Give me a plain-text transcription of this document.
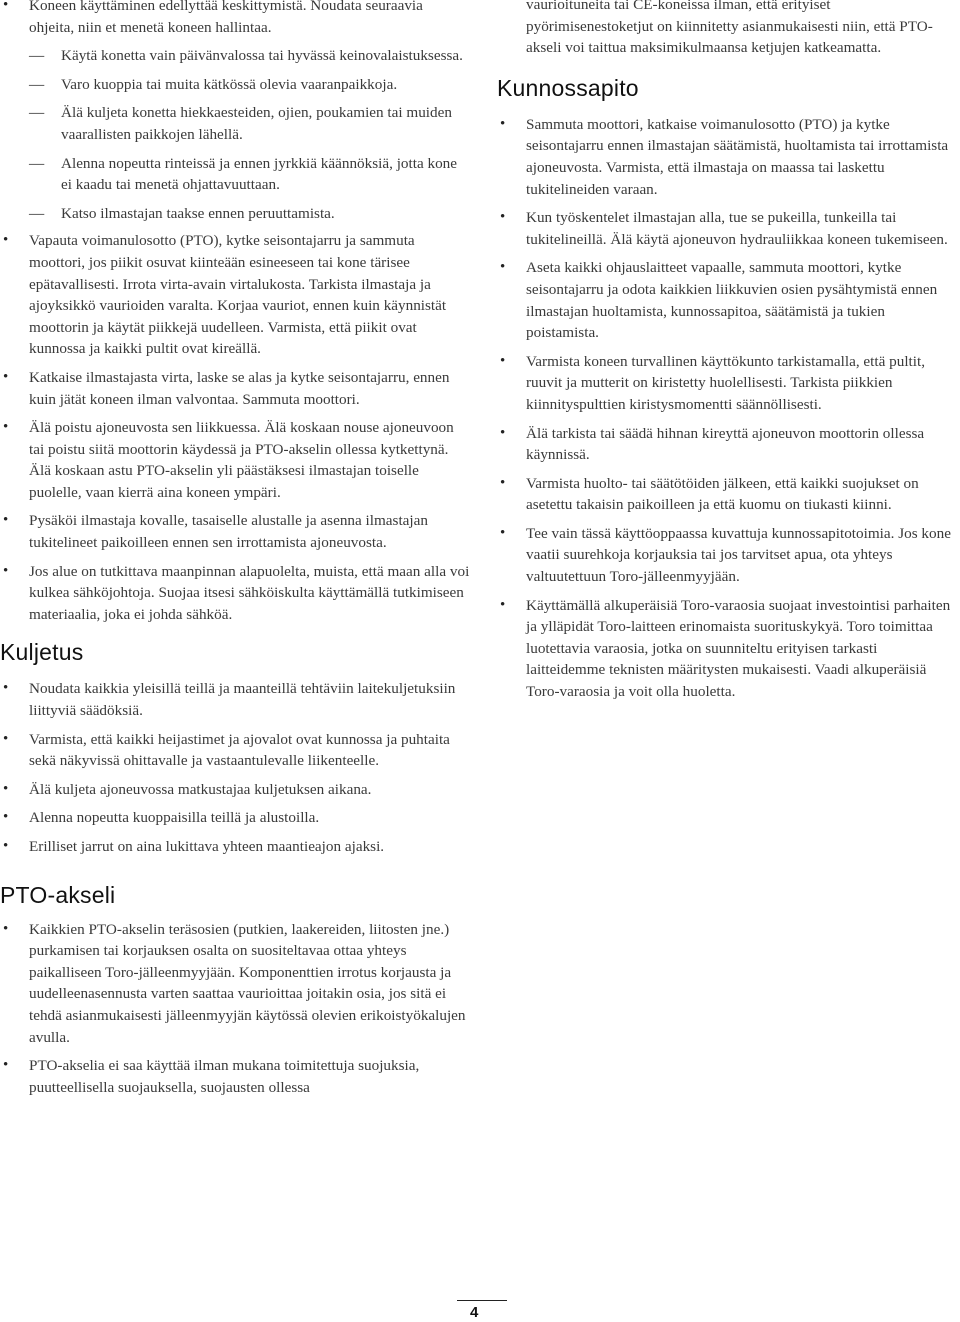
• Koneen käyttäminen edellyttää keskittymistä. Noudata seuraavia ohjeita, niin et menetä koneen hallintaa.
— Käytä konetta vain päivänvalossa tai hyvässä keinovalaistuksessa.
— Varo kuoppia tai muita kätkössä olevia vaaranpaikkoja.
— Älä kuljeta konetta hiekkaesteiden, ojien, poukamien tai muiden vaarallisten paikkojen lähellä.
— Alenna nopeutta rinteissä ja ennen jyrkkiä käännöksiä, jotta kone ei kaadu tai menetä ohjattavuuttaan.
— Katso ilmastajan taakse ennen peruuttamista.
• Vapauta voimanulosotto (PTO), kytke seisontajarru ja sammuta moottori, jos piikit osuvat kiinteään esineeseen tai kone tärisee epätavallisesti. Irrota virta-avain virtalukosta. Tarkista ilmastaja ja ajoyksikkö vaurioiden varalta. Korjaa vauriot, ennen kuin käynnistät moottorin ja käytät piikkejä uudelleen. Varmista, että piikit ovat kunnossa ja kaikki pultit ovat kireällä.
• Katkaise ilmastajasta virta, laske se alas ja kytke seisontajarru, ennen kuin jätät koneen ilman valvontaa. Sammuta moottori.
• Älä poistu ajoneuvosta sen liikkuessa. Älä koskaan nouse ajoneuvoon tai poistu siitä moottorin käydessä ja PTO-akselin ollessa kytkettynä. Älä koskaan astu PTO-akselin yli päästäksesi ilmastajan toiselle puolelle, vaan kierrä aina koneen ympäri.
• Pysäköi ilmastaja kovalle, tasaiselle alustalle ja asenna ilmastajan tukitelineet paikoilleen ennen sen irrottamista ajoneuvosta.
• Jos alue on tutkittava maanpinnan alapuolelta, muista, että maan alla voi kulkea sähköjohtoja. Suojaa itsesi sähköiskulta käyttämällä tutkimiseen materiaalia, joka ei johda sähköä.
Kuljetus
• Noudata kaikkia yleisillä teillä ja maanteillä tehtäviin laitekuljetuksiin liittyviä säädöksiä.
• Varmista, että kaikki heijastimet ja ajovalot ovat kunnossa ja puhtaita sekä näkyvissä ohittavalle ja vastaantulevalle liikenteelle.
• Älä kuljeta ajoneuvossa matkustajaa kuljetuksen aikana.
• Alenna nopeutta kuoppaisilla teillä ja alustoilla.
• Erilliset jarrut on aina lukittava yhteen maantieajon ajaksi.
PTO-akseli
• Kaikkien PTO-akselin teräsosien (putkien, laakereiden, liitosten jne.) purkamisen tai korjauksen osalta on suositeltavaa ottaa yhteys paikalliseen Toro-jälleenmyyjään. Komponenttien irrotus korjausta ja uudelleenasennusta varten saattaa vaurioittaa joitakin osia, jos sitä ei tehdä asianmukaisesti jälleenmyyjän käytössä olevien erikoistyökalujen avulla.
• PTO-akselia ei saa käyttää ilman mukana toimitettuja suojuksia, puutteellisella suojauksella, suojausten ollessa

vaurioituneita tai CE-koneissa ilman, että erityiset pyörimisenestoketjut on kiinnitetty asianmukaisesti niin, että PTO-akseli voi taittua maksimikulmaansa ketjujen katkeamatta.

Kunnossapito
• Sammuta moottori, katkaise voimanulosotto (PTO) ja kytke seisontajarru ennen ilmastajan säätämistä, huoltamista tai irrottamista ajoneuvosta. Varmista, että ilmastaja on maassa tai laskettu tukitelineiden varaan.
• Kun työskentelet ilmastajan alla, tue se pukeilla, tunkeilla tai tukitelineillä. Älä käytä ajoneuvon hydrauliikkaa koneen tukemiseen.
• Aseta kaikki ohjauslaitteet vapaalle, sammuta moottori, kytke seisontajarru ja odota kaikkien liikkuvien osien pysähtymistä ennen ilmastajan huoltamista, kunnossapitoa, säätämistä ja tukien poistamista.
• Varmista koneen turvallinen käyttökunto tarkistamalla, että pultit, ruuvit ja mutterit on kiristetty huolellisesti. Tarkista piikkien kiinnityspulttien kiristysmomentti säännöllisesti.
• Älä tarkista tai säädä hihnan kireyttä ajoneuvon moottorin ollessa käynnissä.
• Varmista huolto- tai säätötöiden jälkeen, että kaikki suojukset on asetettu takaisin paikoilleen ja että kuomu on tiukasti kiinni.
• Tee vain tässä käyttöoppaassa kuvattuja kunnossapitotoimia. Jos kone vaatii suurehkoja korjauksia tai jos tarvitset apua, ota yhteys valtuutettuun Toro-jälleenmyyjään.
• Käyttämällä alkuperäisiä Toro-varaosia suojaat investointisi parhaiten ja ylläpidät Toro-laitteen erinomaista suorituskykyä. Toro toimittaa luotettavia varaosia, jotka on suunniteltu erityisen tarkasti laitteidemme teknisten määritysten mukaisesti. Vaadi alkuperäisiä Toro-varaosia ja voit olla huoletta.
4
